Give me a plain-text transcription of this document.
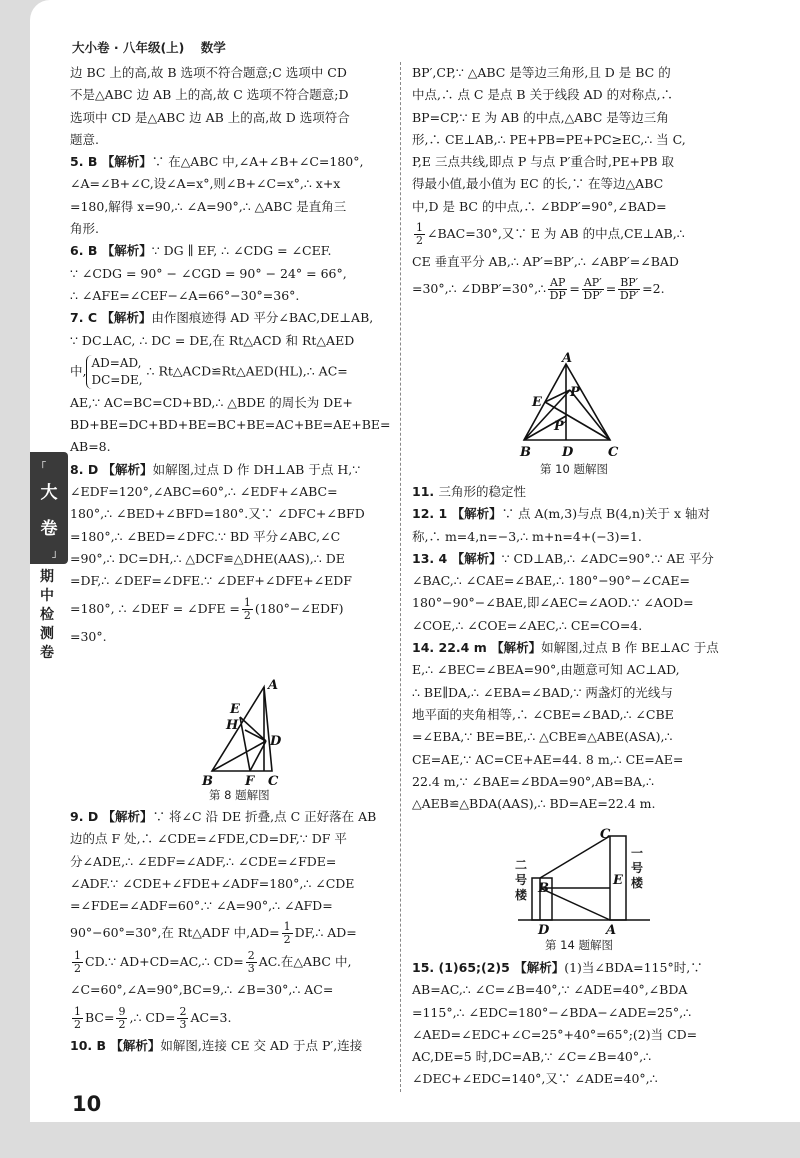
大小卷 · 八年级(上) 数学
「
大
卷
」
期中检测卷

边 BC 上的高,故 B 选项不符合题意;C 选项中 CD

不是△ABC 边 AB 上的高,故 C 选项不符合题意;D

选项中 CD 是△ABC 边 AB 上的高,故 D 选项符合

题意.

5. B 【解析】∵ 在△ABC 中,∠A+∠B+∠C=180°,

∠A=∠B+∠C,设∠A=x°,则∠B+∠C=x°,∴ x+x

=180,解得 x=90,∴ ∠A=90°,∴ △ABC 是直角三

角形.

6. B 【解析】∵ DG ∥ EF, ∴ ∠CDG = ∠CEF.

∵ ∠CDG = 90° − ∠CGD = 90° − 24° = 66°,

∴ ∠AFE=∠CEF−∠A=66°−30°=36°.

7. C 【解析】由作图痕迹得 AD 平分∠BAC,DE⊥AB,

∵ DC⊥AC, ∴ DC = DE,在 Rt△ACD 和 Rt△AED

中,
AD=AD,
DC=DE,
∴ Rt△ACD≌Rt△AED(HL),∴ AC=

AE,∵ AC=BC=CD+BD,∴ △BDE 的周长为 DE+

BD+BE=DC+BD+BE=BC+BE=AC+BE=AE+BE=

AB=8.

8. D 【解析】如解图,过点 D 作 DH⊥AB 于点 H,∵

∠EDF=120°,∠ABC=60°,∴ ∠EDF+∠ABC=

180°,∴ ∠BED+∠BFD=180°.又∵ ∠DFC+∠BFD

=180°,∴ ∠BED=∠DFC.∵ BD 平分∠ABC,∠C

=90°,∴ DC=DH,∴ △DCF≌△DHE(AAS),∴ DE

=DF,∴ ∠DEF=∠DFE.∵ ∠DEF+∠DFE+∠EDF

=180°, ∴ ∠DEF = ∠DFE = $\frac{1}{2}$ (180°−∠EDF)

=30°.

9. D 【解析】∵ 将∠C 沿 DE 折叠,点 C 正好落在 AB

边的点 F 处,∴ ∠CDE=∠FDE,CD=DF,∵ DF 平

分∠ADE,∴ ∠EDF=∠ADF,∴ ∠CDE=∠FDE=

∠ADF.∵ ∠CDE+∠FDE+∠ADF=180°,∴ ∠CDE

=∠FDE=∠ADF=60°.∵ ∠A=90°,∴ ∠AFD=

90°−60°=30°,在 Rt△ADF 中$,AD= \frac{1}{2}$ DF,∴ AD=

$\frac{1}{2}$ CD.∵ AD+CD=AC,∴ $CD= \frac{2}{3}$ AC.在△ABC 中,

∠C=60°,∠A=90°,BC=9,∴ ∠B=30°,∴ AC=

$\frac{1}{2} BC= \frac{9}{2}$ ,∴ $CD= \frac{2}{3} AC=3$.

10. B 【解析】如解图,连接 CE 交 AD 于点 P′,连接

BP′,CP,∵ △ABC 是等边三角形,且 D 是 BC 的

中点,∴ 点 C 是点 B 关于线段 AD 的对称点,∴

BP=CP,∵ E 为 AB 的中点,△ABC 是等边三角

形,∴ CE⊥AB,∴ PE+PB=PE+PC≥EC,∴ 当 C,

P,E 三点共线,即点 P 与点 P′重合时,PE+PB 取

得最小值,最小值为 EC 的长,∵ 在等边△ABC

中,D 是 BC 的中点,∴ ∠BDP′=90°,∠BAD=

$\frac{1}{2}$ ∠BAC=30°,又∵ E 为 AB 的中点,CE⊥AB,∴

CE 垂直平分 AB,∴ AP′=BP′,∴ ∠ABP′=∠BAD

=30°,∴ ∠DBP′=30°,∴ $\frac{AP}{DP} = \frac{AP'}{DP'} = \frac{BP'}{DP'} =2$.

11. 三角形的稳定性

12. 1 【解析】∵ 点 A(m,3)与点 B(4,n)关于 x 轴对

称,∴ m=4,n=−3,∴ m+n=4+(−3)=1.

13. 4 【解析】∵ CD⊥AB,∴ ∠ADC=90°.∵ AE 平分

∠BAC,∴ ∠CAE=∠BAE,∴ 180°−90°−∠CAE=

180°−90°−∠BAE,即∠AEC=∠AOD.∵ ∠AOD=

∠COE,∴ ∠COE=∠AEC,∴ CE=CO=4.

14. 22.4 m 【解析】如解图,过点 B 作 BE⊥AC 于点

E,∴ ∠BEC=∠BEA=90°,由题意可知 AC⊥AD,

∴ BE∥DA,∴ ∠EBA=∠BAD,∵ 两盏灯的光线与

地平面的夹角相等,∴ ∠CBE=∠BAD,∴ ∠CBE

=∠EBA,∵ BE=BE,∴ △CBE≌△ABE(ASA),∴

CE=AE,∵ AC=CE+AE=44. 8 m,∴ CE=AE=

22.4 m,∵ ∠BAE=∠BDA=90°,AB=BA,∴

△AEB≌△BDA(AAS),∴ BD=AE=22.4 m.

15. (1)65;(2)5 【解析】(1)当∠BDA=115°时,∵

AB=AC,∴ ∠C=∠B=40°,∵ ∠ADE=40°,∠BDA

=115°,∴ ∠EDC=180°−∠BDA−∠ADE=25°,∴

∠AED=∠EDC+∠C=25°+40°=65°;(2)当 CD=

AC,DE=5 时,DC=AB,∵ ∠C=∠B=40°,∴

∠DEC+∠EDC=140°,又∵ ∠ADE=40°,∴

A
E
H
D
B F C
第 8 题解图
A
E
P
P′
B D	C
第 10 题解图
C
E
B
D	A
二号楼
一号楼
第 14 题解图
10
